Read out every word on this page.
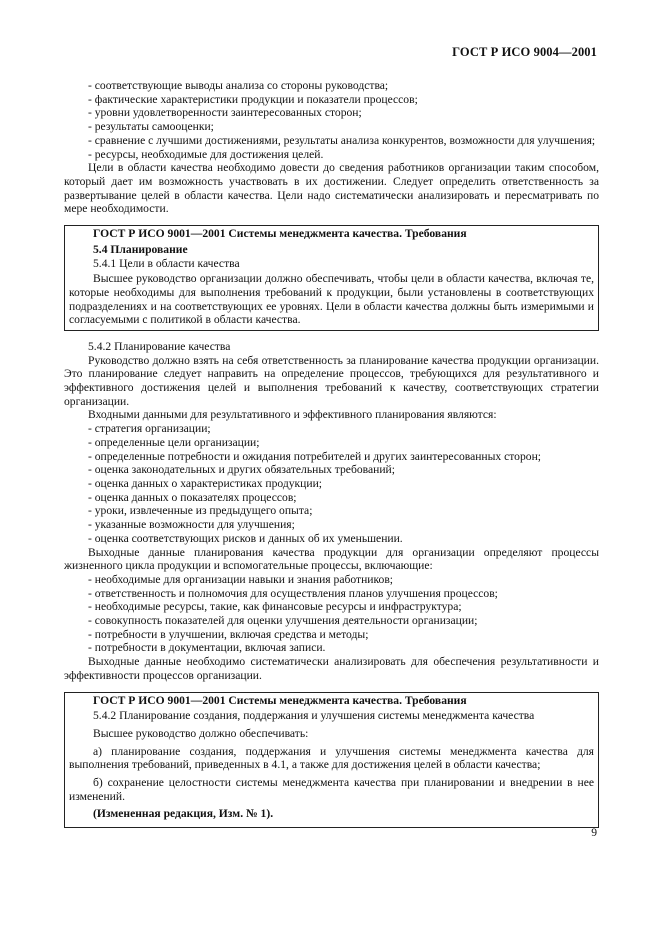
ГОСТ Р ИСО 9004—2001

- соответствующие выводы анализа со стороны руководства;

- фактические характеристики продукции и показатели процессов;

- уровни удовлетворенности заинтересованных сторон;

- результаты самооценки;

- сравнение с лучшими достижениями, результаты анализа конкурентов, возможности для улучшения;

- ресурсы, необходимые для достижения целей.

Цели в области качества необходимо довести до сведения работников организации таким способом, который дает им возможность участвовать в их достижении. Следует определить ответственность за развертывание целей в области качества. Цели надо систематически анализировать и пересматривать по мере необходимости.

ГОСТ Р ИСО 9001—2001 Системы менеджмента качества. Требования

5.4 Планирование

5.4.1 Цели в области качества

Высшее руководство организации должно обеспечивать, чтобы цели в области качества, включая те, которые необходимы для выполнения требований к продукции, были установлены в соответствующих подразделениях и на соответствующих ее уровнях. Цели в области качества должны быть измеримыми и согласуемыми с политикой в области качества.

5.4.2 Планирование качества

Руководство должно взять на себя ответственность за планирование качества продукции организации. Это планирование следует направить на определение процессов, требующихся для результативного и эффективного достижения целей и выполнения требований к качеству, соответствующих стратегии организации.

Входными данными для результативного и эффективного планирования являются:

- стратегия организации;

- определенные цели организации;

- определенные потребности и ожидания потребителей и других заинтересованных сторон;

- оценка законодательных и других обязательных требований;

- оценка данных о характеристиках продукции;

- оценка данных о показателях процессов;

- уроки, извлеченные из предыдущего опыта;

- указанные возможности для улучшения;

- оценка соответствующих рисков и данных об их уменьшении.

Выходные данные планирования качества продукции для организации определяют процессы жизненного цикла продукции и вспомогательные процессы, включающие:

- необходимые для организации навыки и знания работников;

- ответственность и полномочия для осуществления планов улучшения процессов;

- необходимые ресурсы, такие, как финансовые ресурсы и инфраструктура;

- совокупность показателей для оценки улучшения деятельности организации;

- потребности в улучшении, включая средства и методы;

- потребности в документации, включая записи.

Выходные данные необходимо систематически анализировать для обеспечения результативности и эффективности процессов организации.

ГОСТ Р ИСО 9001—2001 Системы менеджмента качества. Требования

5.4.2 Планирование создания, поддержания и улучшения системы менеджмента качества

Высшее руководство должно обеспечивать:

а) планирование создания, поддержания и улучшения системы менеджмента качества для выполнения требований, приведенных в 4.1, а также для достижения целей в области качества;

б) сохранение целостности системы менеджмента качества при планировании и внедрении в нее изменений.

(Измененная редакция, Изм. № 1).

9
